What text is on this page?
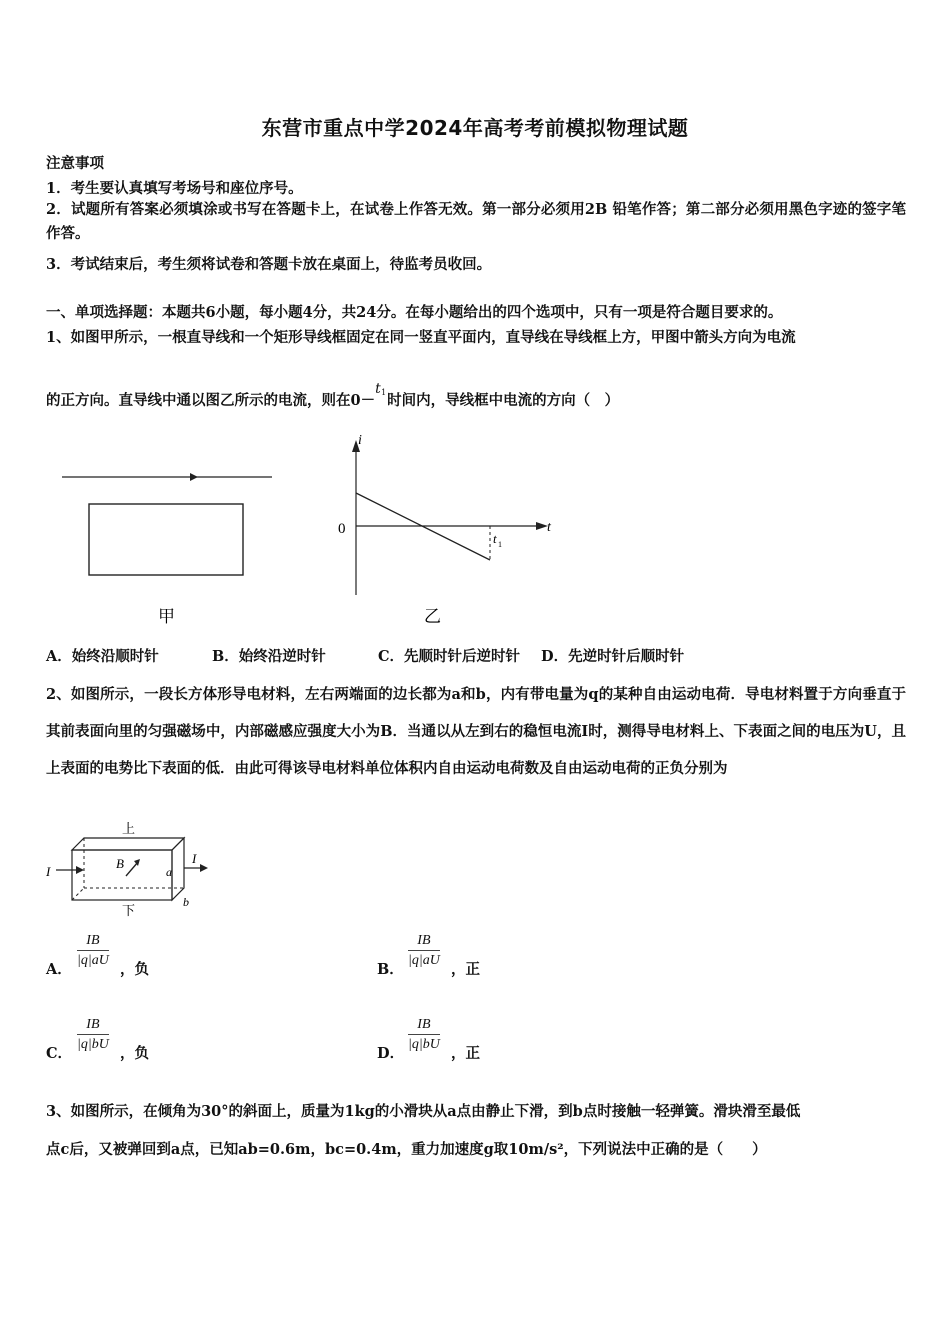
东营市重点中学2024年高考考前模拟物理试题
注意事项
1．考生要认真填写考场号和座位序号。
2．试题所有答案必须填涂或书写在答题卡上，在试卷上作答无效。第一部分必须用2B 铅笔作答；第二部分必须用黑色字迹的签字笔作答。
3．考试结束后，考生须将试卷和答题卡放在桌面上，待监考员收回。
一、单项选择题：本题共6小题，每小题4分，共24分。在每小题给出的四个选项中，只有一项是符合题目要求的。
1、如图甲所示，一根直导线和一个矩形导线框固定在同一竖直平面内，直导线在导线框上方，甲图中箭头方向为电流
的正方向。直导线中通以图乙所示的电流，则在0－
t 1 时间内，导线框中电流的方向（　）
甲
i
t
0
t 1
乙
A．始终沿顺时针	B．始终沿逆时针	C．先顺时针后逆时针 D．先逆时针后顺时针
2、如图所示，一段长方体形导电材料，左右两端面的边长都为a和b，内有带电量为q的某种自由运动电荷．导电材料置于方向垂直于其前表面向里的匀强磁场中，内部磁感应强度大小为B．当通以从左到右的稳恒电流I时，测得导电材料上、下表面之间的电压为U，且上表面的电势比下表面的低．由此可得该导电材料单位体积内自由运动电荷数及自由运动电荷的正负分别为
上
下
I
I
B
a
b
A．
IB
|q|aU
，负	B．
IB
|q|aU
，正
C．
IB
|q|bU
，负	D．
IB
|q|bU
，正
3、如图所示，在倾角为30°的斜面上，质量为1kg的小滑块从a点由静止下滑，到b点时接触一轻弹簧。滑块滑至最低
点c后，又被弹回到a点，已知ab=0.6m，bc=0.4m，重力加速度g取10m/s²，下列说法中正确的是（　　）
